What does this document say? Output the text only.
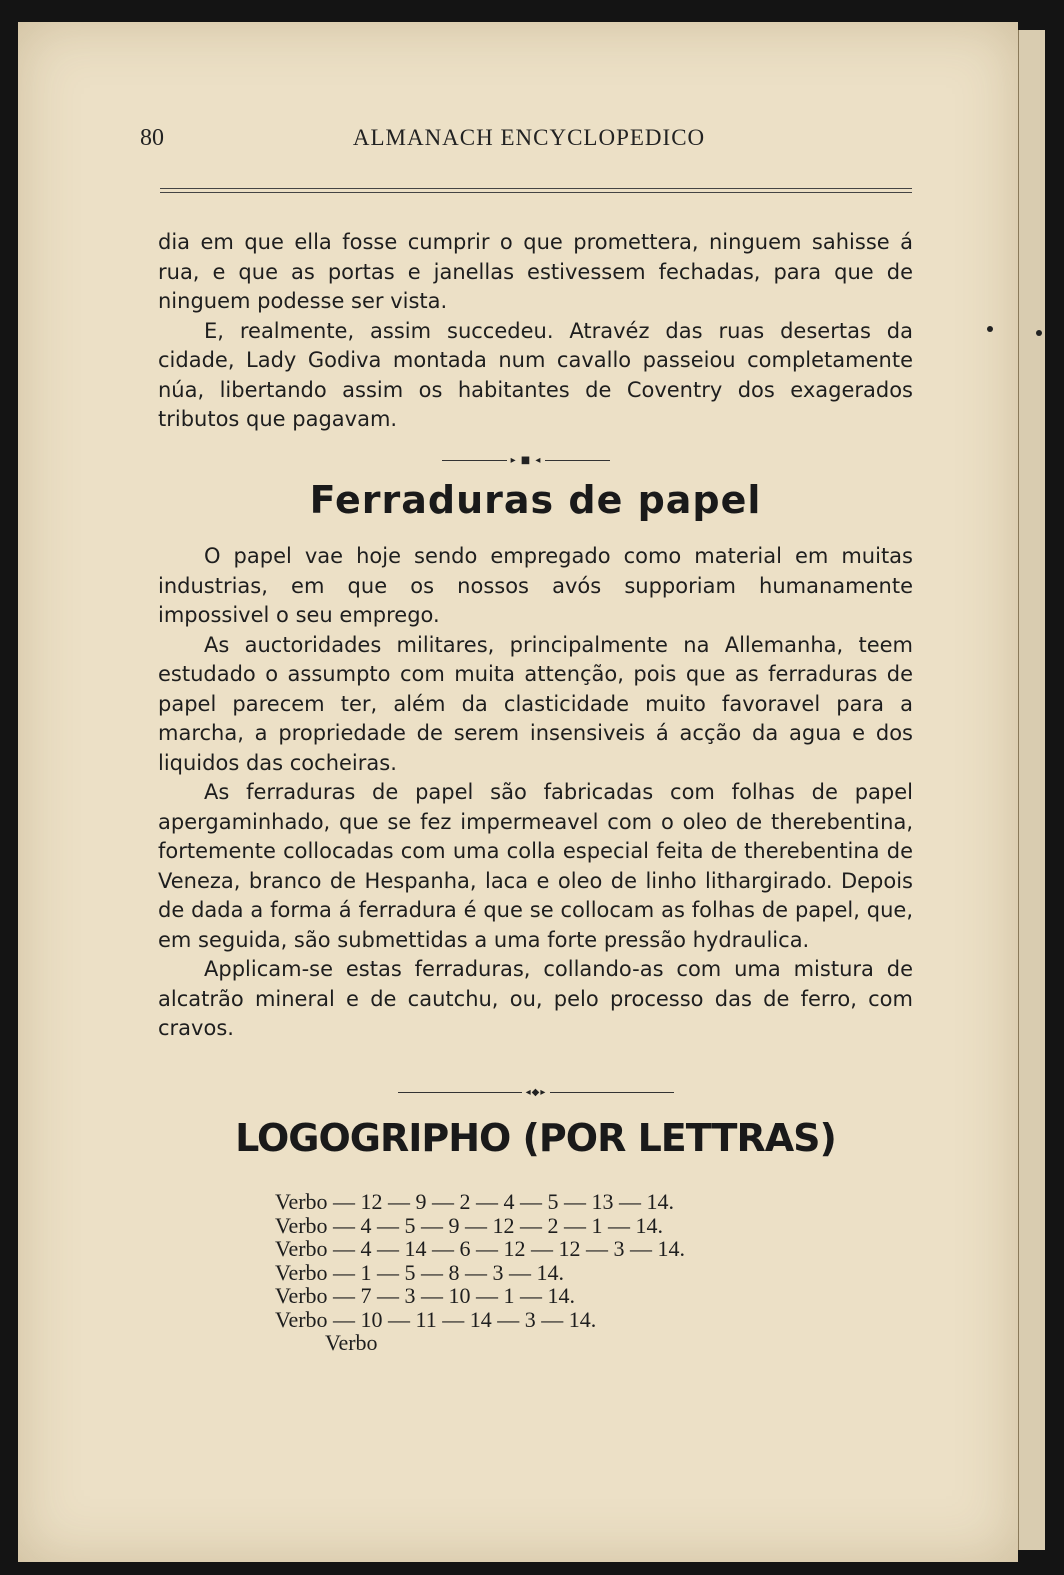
80	ALMANACH ENCYCLOPEDICO

dia em que ella fosse cumprir o que promettera, ninguem sahisse á rua, e que as portas e janellas estivessem fechadas, para que de ninguem podesse ser vista.

E, realmente, assim succedeu. Atravéz das ruas desertas da cidade, Lady Godiva montada num cavallo passeiou completamente núa, libertando assim os habitantes de Coventry dos exagerados tributos que pagavam.

▸ ■ ◂
Ferraduras de papel

O papel vae hoje sendo empregado como material em muitas industrias, em que os nossos avós supporiam humanamente impossivel o seu emprego.

As auctoridades militares, principalmente na Allemanha, teem estudado o assumpto com muita attenção, pois que as ferraduras de papel parecem ter, além da clasticidade muito favoravel para a marcha, a propriedade de serem insensiveis á acção da agua e dos liquidos das cocheiras.

As ferraduras de papel são fabricadas com folhas de papel apergaminhado, que se fez impermeavel com o oleo de therebentina, fortemente collocadas com uma colla especial feita de therebentina de Veneza, branco de Hespanha, laca e oleo de linho lithargirado. Depois de dada a forma á ferradura é que se collocam as folhas de papel, que, em seguida, são submettidas a uma forte pressão hydraulica.

Applicam-se estas ferraduras, collando-as com uma mistura de alcatrão mineral e de cautchu, ou, pelo processo das de ferro, com cravos.

◂◆▸
LOGOGRIPHO (POR LETTRAS)
Verbo — 12 — 9 — 2 — 4 — 5 — 13 — 14.
Verbo — 4 — 5 — 9 — 12 — 2 — 1 — 14.
Verbo — 4 — 14 — 6 — 12 — 12 — 3 — 14.
Verbo — 1 — 5 — 8 — 3 — 14.
Verbo — 7 — 3 — 10 — 1 — 14.
Verbo — 10 — 11 — 14 — 3 — 14.
Verbo
